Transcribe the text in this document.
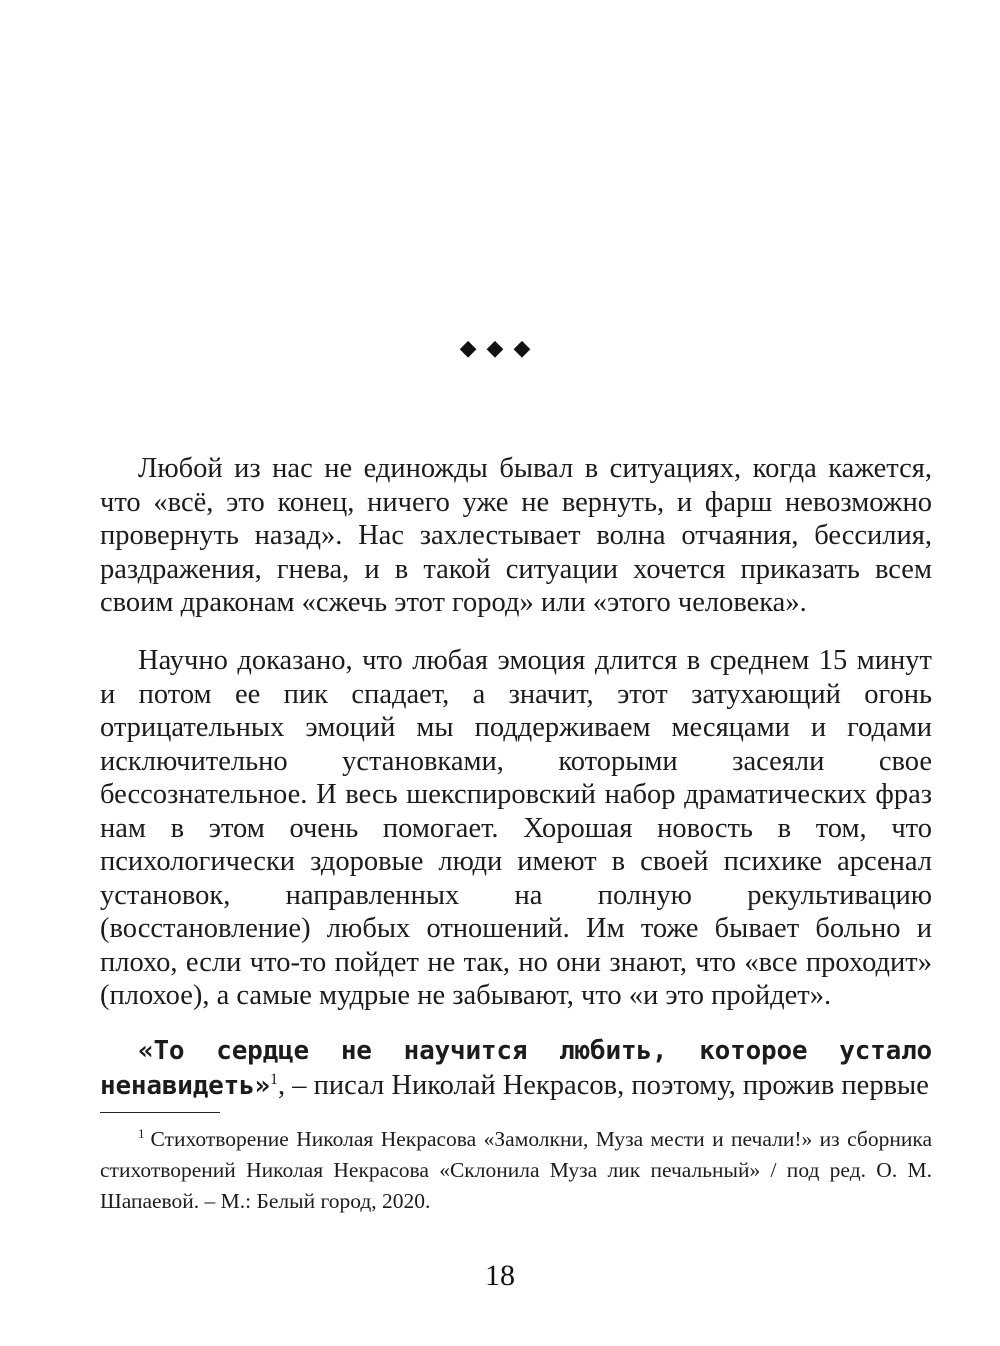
◆◆◆

Любой из нас не единожды бывал в ситуациях, когда кажется, что «всё, это конец, ничего уже не вернуть, и фарш невозможно провернуть назад». Нас захлестывает волна отчаяния, бессилия, раздражения, гнева, и в такой ситуации хочется приказать всем своим драконам «сжечь этот город» или «этого человека».

Научно доказано, что любая эмоция длится в среднем 15 минут и потом ее пик спадает, а значит, этот затухающий огонь отрицательных эмоций мы поддерживаем месяцами и годами исключительно установками, которыми засеяли свое бессознательное. И весь шекспировский набор драматических фраз нам в этом очень помогает. Хорошая новость в том, что психологически здоровые люди имеют в своей психике арсенал установок, направленных на полную рекультивацию (восстановление) любых отношений. Им тоже бывает больно и плохо, если что-то пойдет не так, но они знают, что «все проходит» (плохое), а самые мудрые не забывают, что «и это пройдет».

«То сердце не научится любить, которое устало ненавидеть»$^1$, – писал Николай Некрасов, поэтому, прожив первые

$^1$ Стихотворение Николая Некрасова «Замолкни, Муза мести и печали!» из сборника стихотворений Николая Некрасова «Склонила Муза лик печальный» / под ред. О. М. Шапаевой. – М.: Белый город, 2020.

18
